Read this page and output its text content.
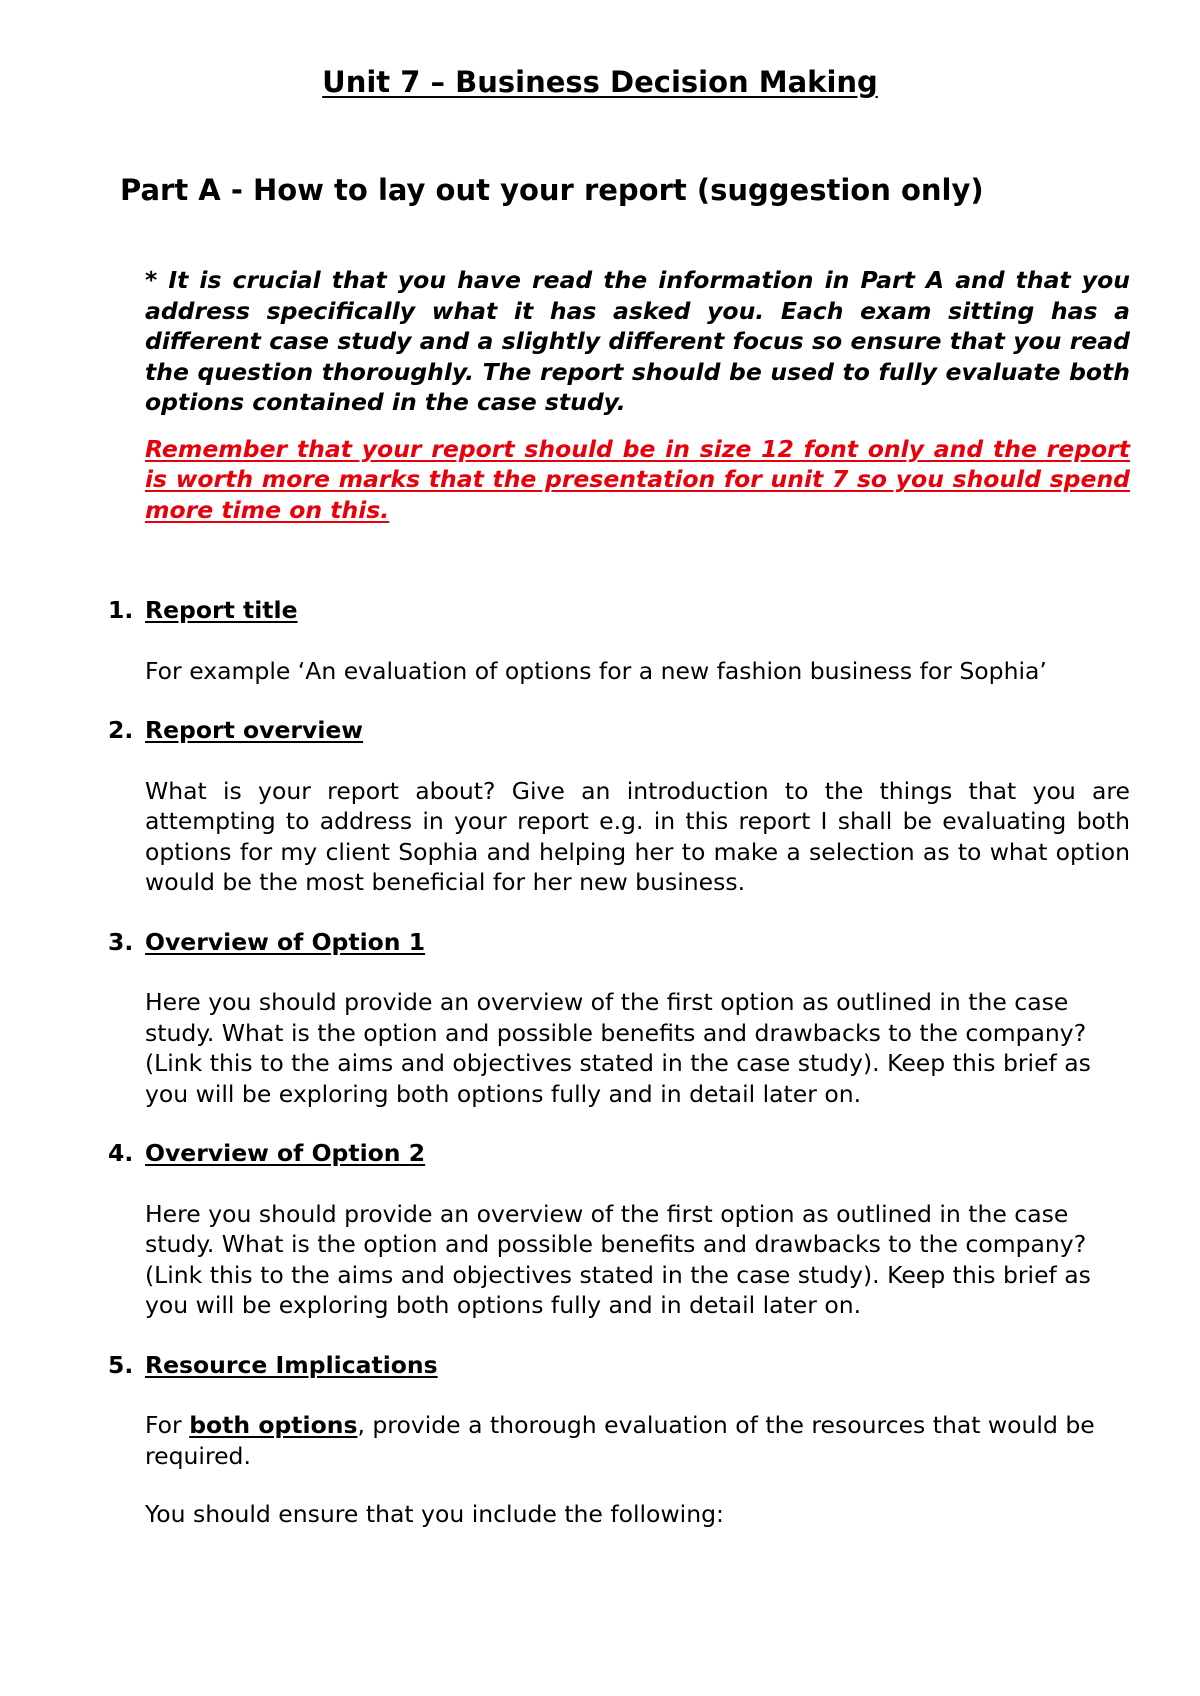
Unit 7 – Business Decision Making
Part A - How to lay out your report (suggestion only)

* It is crucial that you have read the information in Part A and that you address specifically what it has asked you. Each exam sitting has a different case study and a slightly different focus so ensure that you read the question thoroughly. The report should be used to fully evaluate both options contained in the case study.

Remember that your report should be in size 12 font only and the report is worth more marks that the presentation for unit 7 so you should spend more time on this.

1. Report title

For example ‘An evaluation of options for a new fashion business for Sophia’

2. Report overview

What is your report about? Give an introduction to the things that you are attempting to address in your report e.g. in this report I shall be evaluating both options for my client Sophia and helping her to make a selection as to what option would be the most beneficial for her new business.

3. Overview of Option 1

Here you should provide an overview of the first option as outlined in the case study. What is the option and possible benefits and drawbacks to the company? (Link this to the aims and objectives stated in the case study). Keep this brief as you will be exploring both options fully and in detail later on.

4. Overview of Option 2

Here you should provide an overview of the first option as outlined in the case study. What is the option and possible benefits and drawbacks to the company? (Link this to the aims and objectives stated in the case study). Keep this brief as you will be exploring both options fully and in detail later on.

5. Resource Implications

For both options, provide a thorough evaluation of the resources that would be required.

You should ensure that you include the following:
